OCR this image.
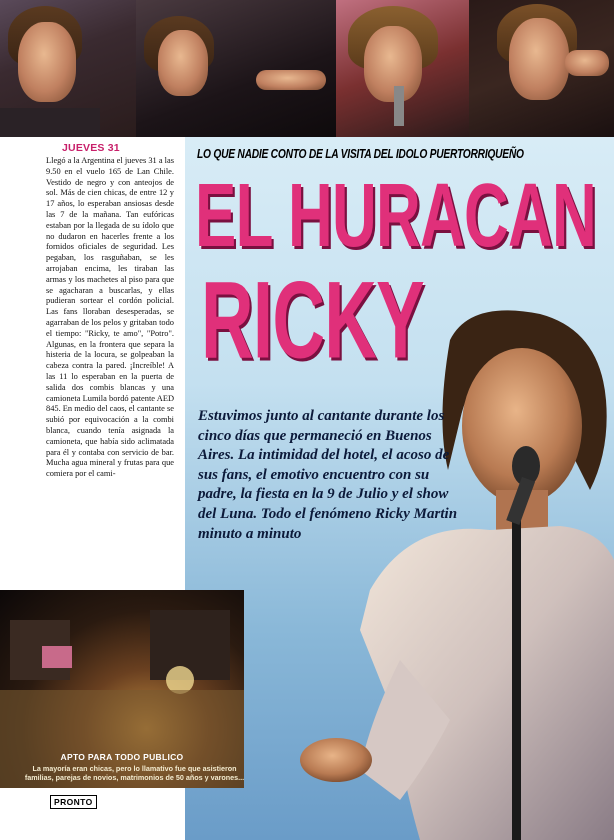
JUEVES 31
Llegó a la Argentina el jueves 31 a las 9.50 en el vuelo 165 de Lan Chile. Vestido de negro y con anteojos de sol. Más de cien chicas, de entre 12 y 17 años, lo esperaban ansiosas desde las 7 de la mañana. Tan eufóricas estaban por la llegada de su ídolo que no dudaron en hacerles frente a los fornidos oficiales de seguridad. Les pegaban, los rasguñaban, se les arrojaban encima, les tiraban las armas y los machetes al piso para que se agacharan a buscarlas, y ellas pudieran sortear el cordón policial. Las fans lloraban desesperadas, se agarraban de los pelos y gritaban todo el tiempo: "Ricky, te amo", "Potro". Algunas, en la frontera que separa la histeria de la locura, se golpeaban la cabeza contra la pared. ¡Increíble! A las 11 lo esperaban en la puerta de salida dos combis blancas y una camioneta Lumila bordó patente AED 845. En medio del caos, el cantante se subió por equivocación a la combi blanca, cuando tenía asignada la camioneta, que había sido aclimatada para él y contaba con servicio de bar. Mucha agua mineral y frutas para que comiera por el cami-
LO QUE NADIE CONTO DE LA VISITA DEL IDOLO PUERTORRIQUEÑO
EL HURACAN
RICKY
Estuvimos junto al cantante durante los cinco días que permaneció en Buenos Aires. La intimidad del hotel, el acoso de sus fans, el emotivo encuentro con su padre, la fiesta en la 9 de Julio y el show del Luna. Todo el fenómeno Ricky Martin minuto a minuto
APTO PARA TODO PUBLICO
La mayoría eran chicas, pero lo llamativo fue que asistieron familias, parejas de novios, matrimonios de 50 años y varones...
PRONTO
